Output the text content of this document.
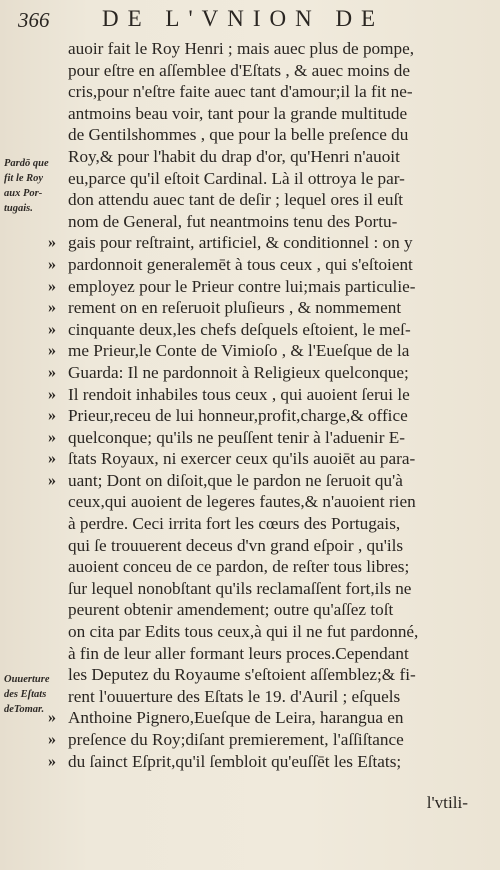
366 DE L'VNION DE
Pardō que
fit le Roy
aux Por-
tugais.
Ouuerture
des Eſtats
deTomar.
auoir fait le Roy Henri ; mais auec plus de pompe,
pour eſtre en aſſemblee d'Eſtats , & auec moins de
cris,pour n'eſtre faite auec tant d'amour;il la fit ne-
antmoins beau voir, tant pour la grande multitude
de Gentilshommes , que pour la belle preſence du
Roy,& pour l'habit du drap d'or, qu'Henri n'auoit
eu,parce qu'il eſtoit Cardinal. Là il ottroya le par-
don attendu auec tant de deſir ; lequel ores il euſt
nom de General, fut neantmoins tenu des Portu-
» gais pour reſtraint, artificiel, & conditionnel : on y
» pardonnoit generalemēt à tous ceux , qui s'eſtoient
» employez pour le Prieur contre lui;mais particulie-
» rement on en reſeruoit pluſieurs , & nommement
» cinquante deux,les chefs deſquels eſtoient, le meſ-
» me Prieur,le Conte de Vimioſo , & l'Eueſque de la
» Guarda: Il ne pardonnoit à Religieux quelconque;
» Il rendoit inhabiles tous ceux , qui auoient ſerui le
» Prieur,receu de lui honneur,profit,charge,& office
» quelconque; qu'ils ne peuſſent tenir à l'aduenir E-
» ſtats Royaux, ni exercer ceux qu'ils auoiēt au para-
» uant; Dont on diſoit,que le pardon ne ſeruoit qu'à
ceux,qui auoient de legeres fautes,& n'auoient rien
à perdre. Ceci irrita fort les cœurs des Portugais,
qui ſe trouuerent deceus d'vn grand eſpoir , qu'ils
auoient conceu de ce pardon, de reſter tous libres;
ſur lequel nonobſtant qu'ils reclamaſſent fort,ils ne
peurent obtenir amendement; outre qu'aſſez toſt
on cita par Edits tous ceux,à qui il ne fut pardonné,
à fin de leur aller formant leurs proces.Cependant
les Deputez du Royaume s'eſtoient aſſemblez;& fi-
rent l'ouuerture des Eſtats le 19. d'Auril ; eſquels
» Anthoine Pignero,Eueſque de Leira, harangua en
» preſence du Roy;diſant premierement, l'aſſiſtance
» du ſainct Eſprit,qu'il ſembloit qu'euſſēt les Eſtats;
l'vtili-
